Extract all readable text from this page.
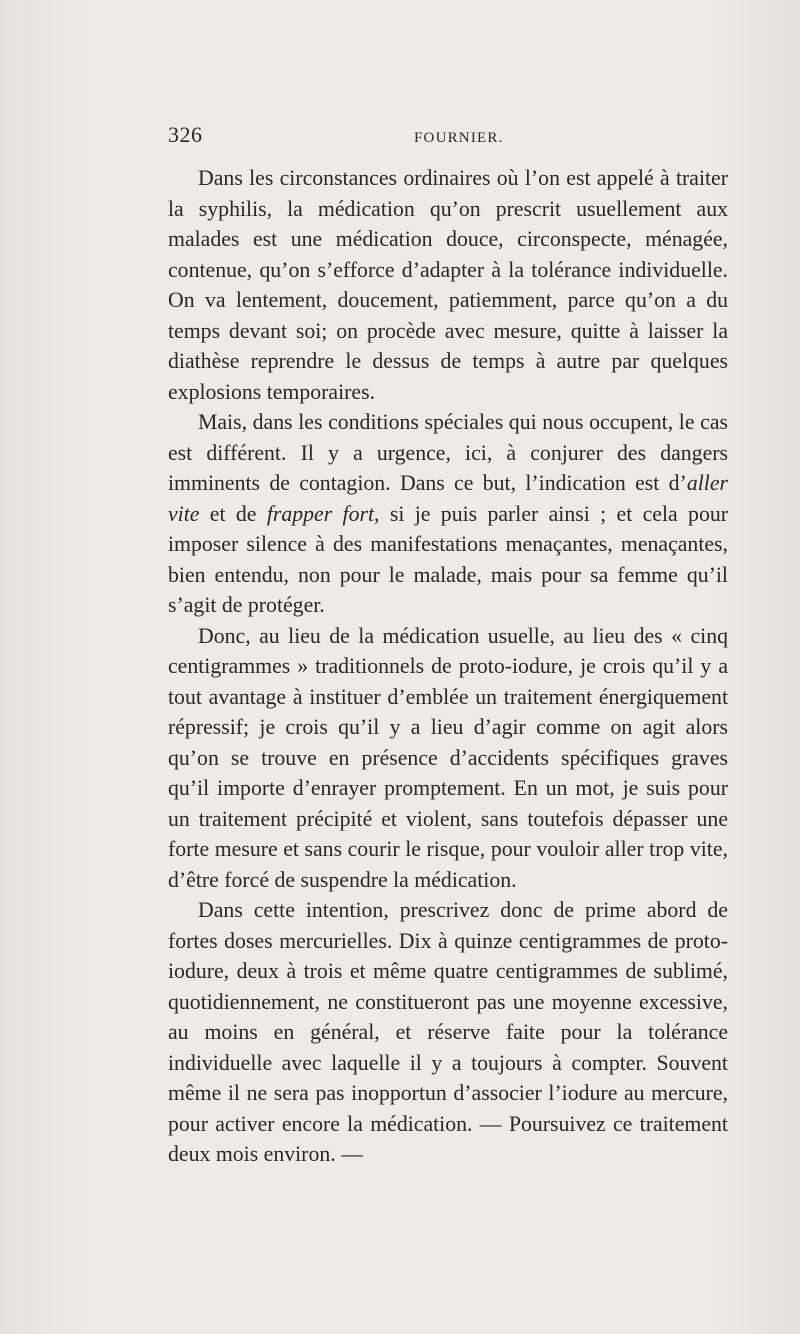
326	FOURNIER.

Dans les circonstances ordinaires où l’on est appelé à traiter la syphilis, la médication qu’on prescrit usuellement aux malades est une médication douce, circonspecte, ménagée, contenue, qu’on s’efforce d’adapter à la tolérance individuelle. On va lentement, doucement, patiemment, parce qu’on a du temps devant soi; on procède avec mesure, quitte à laisser la diathèse reprendre le dessus de temps à autre par quelques explosions temporaires.

Mais, dans les conditions spéciales qui nous occupent, le cas est différent. Il y a urgence, ici, à conjurer des dangers imminents de contagion. Dans ce but, l’indication est d’aller vite et de frapper fort, si je puis parler ainsi ; et cela pour imposer silence à des manifestations menaçantes, menaçantes, bien entendu, non pour le malade, mais pour sa femme qu’il s’agit de protéger.

Donc, au lieu de la médication usuelle, au lieu des « cinq centigrammes » traditionnels de proto-iodure, je crois qu’il y a tout avantage à instituer d’emblée un traitement énergiquement répressif; je crois qu’il y a lieu d’agir comme on agit alors qu’on se trouve en présence d’accidents spécifiques graves qu’il importe d’enrayer promptement. En un mot, je suis pour un traitement précipité et violent, sans toutefois dépasser une forte mesure et sans courir le risque, pour vouloir aller trop vite, d’être forcé de suspendre la médication.

Dans cette intention, prescrivez donc de prime abord de fortes doses mercurielles. Dix à quinze centigrammes de proto-iodure, deux à trois et même quatre centigrammes de sublimé, quotidiennement, ne constitueront pas une moyenne excessive, au moins en général, et réserve faite pour la tolérance individuelle avec laquelle il y a toujours à compter. Souvent même il ne sera pas inopportun d’associer l’iodure au mercure, pour activer encore la médication. — Poursuivez ce traitement deux mois environ. —
